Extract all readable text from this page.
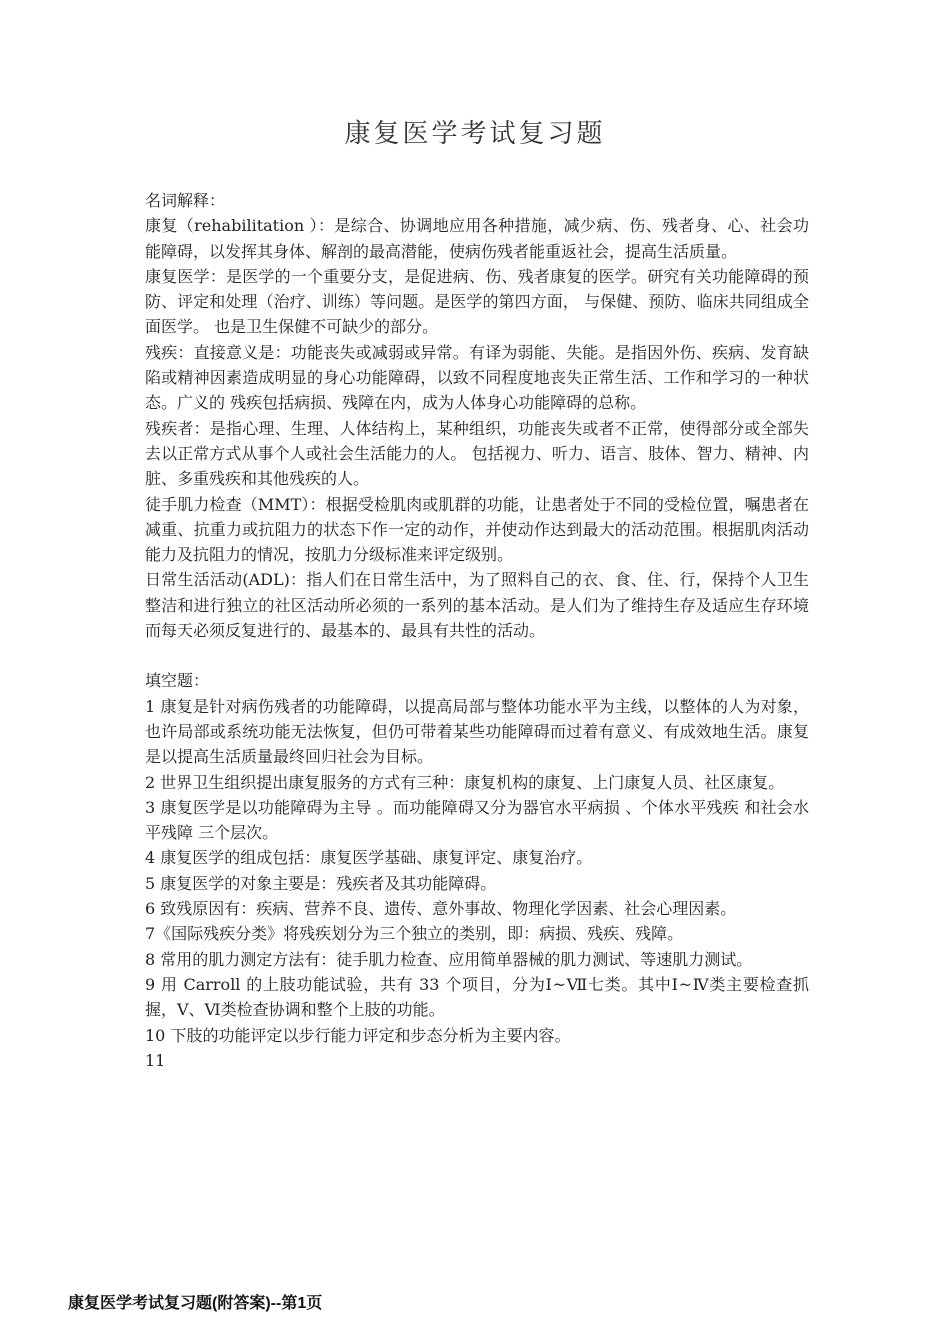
康复医学考试复习题

名词解释：

康复（rehabilitation ）：是综合、协调地应用各种措施，减少病、伤、残者身、心、社会功能障碍，以发挥其身体、解剖的最高潜能，使病伤残者能重返社会，提高生活质量。

康复医学：是医学的一个重要分支，是促进病、伤、残者康复的医学。研究有关功能障碍的预防、评定和处理（治疗、训练）等问题。是医学的第四方面， 与保健、预防、临床共同组成全面医学。 也是卫生保健不可缺少的部分。

残疾：直接意义是：功能丧失或减弱或异常。有译为弱能、失能。是指因外伤、疾病、发育缺陷或精神因素造成明显的身心功能障碍，以致不同程度地丧失正常生活、工作和学习的一种状态。广义的 残疾包括病损、残障在内，成为人体身心功能障碍的总称。

残疾者：是指心理、生理、人体结构上，某种组织，功能丧失或者不正常，使得部分或全部失去以正常方式从事个人或社会生活能力的人。 包括视力、听力、语言、肢体、智力、精神、内脏、多重残疾和其他残疾的人。

徒手肌力检查（MMT）：根据受检肌肉或肌群的功能，让患者处于不同的受检位置，嘱患者在减重、抗重力或抗阻力的状态下作一定的动作，并使动作达到最大的活动范围。根据肌肉活动能力及抗阻力的情况，按肌力分级标准来评定级别。

日常生活活动(ADL)：指人们在日常生活中，为了照料自己的衣、食、住、行，保持个人卫生整洁和进行独立的社区活动所必须的一系列的基本活动。是人们为了维持生存及适应生存环境而每天必须反复进行的、最基本的、最具有共性的活动。

填空题：

1 康复是针对病伤残者的功能障碍，以提高局部与整体功能水平为主线，以整体的人为对象，也许局部或系统功能无法恢复，但仍可带着某些功能障碍而过着有意义、有成效地生活。康复是以提高生活质量最终回归社会为目标。

2 世界卫生组织提出康复服务的方式有三种：康复机构的康复、上门康复人员、社区康复。

3 康复医学是以功能障碍为主导 。而功能障碍又分为器官水平病损 、个体水平残疾 和社会水平残障 三个层次。

4 康复医学的组成包括：康复医学基础、康复评定、康复治疗。

5 康复医学的对象主要是：残疾者及其功能障碍。

6 致残原因有：疾病、营养不良、遗传、意外事故、物理化学因素、社会心理因素。

7《国际残疾分类》将残疾划分为三个独立的类别，即：病损、残疾、残障。

8 常用的肌力测定方法有：徒手肌力检查、应用简单器械的肌力测试、等速肌力测试。

9 用 Carroll 的上肢功能试验，共有 33 个项目，分为Ⅰ~Ⅶ七类。其中Ⅰ~Ⅳ类主要检查抓握，Ⅴ、Ⅵ类检查协调和整个上肢的功能。

10 下肢的功能评定以步行能力评定和步态分析为主要内容。

11

康复医学考试复习题(附答案)--第1页
